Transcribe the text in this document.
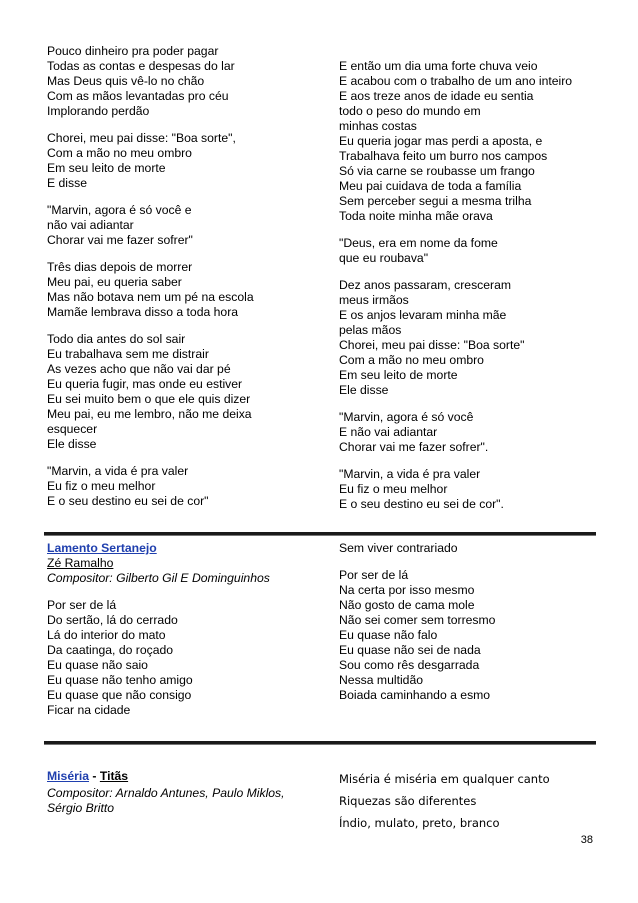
Pouco dinheiro pra poder pagar
Todas as contas e despesas do lar
Mas Deus quis vê-lo no chão
Com as mãos levantadas pro céu
Implorando perdão
Chorei, meu pai disse: "Boa sorte",
Com a mão no meu ombro
Em seu leito de morte
E disse
"Marvin, agora é só você e
não vai adiantar
Chorar vai me fazer sofrer"
Três dias depois de morrer
Meu pai, eu queria saber
Mas não botava nem um pé na escola
Mamãe lembrava disso a toda hora
Todo dia antes do sol sair
Eu trabalhava sem me distrair
As vezes acho que não vai dar pé
Eu queria fugir, mas onde eu estiver
Eu sei muito bem o que ele quis dizer
Meu pai, eu me lembro, não me deixa
esquecer
Ele disse
"Marvin, a vida é pra valer
Eu fiz o meu melhor
E o seu destino eu sei de cor"
E então um dia uma forte chuva veio
E acabou com o trabalho de um ano inteiro
E aos treze anos de idade eu sentia
todo o peso do mundo em
minhas costas
Eu queria jogar mas perdi a aposta, e
Trabalhava feito um burro nos campos
Só via carne se roubasse um frango
Meu pai cuidava de toda a família
Sem perceber segui a mesma trilha
Toda noite minha mãe orava
"Deus, era em nome da fome
que eu roubava"
Dez anos passaram, cresceram
meus irmãos
E os anjos levaram minha mãe
pelas mãos
Chorei, meu pai disse: "Boa sorte"
Com a mão no meu ombro
Em seu leito de morte
Ele disse
"Marvin, agora é só você
E não vai adiantar
Chorar vai me fazer sofrer".
"Marvin, a vida é pra valer
Eu fiz o meu melhor
E o seu destino eu sei de cor".
Lamento Sertanejo
Zé Ramalho
Compositor: Gilberto Gil E Dominguinhos
Por ser de lá
Do sertão, lá do cerrado
Lá do interior do mato
Da caatinga, do roçado
Eu quase não saio
Eu quase não tenho amigo
Eu quase que não consigo
Ficar na cidade
Sem viver contrariado
Por ser de lá
Na certa por isso mesmo
Não gosto de cama mole
Não sei comer sem torresmo
Eu quase não falo
Eu quase não sei de nada
Sou como rês desgarrada
Nessa multidão
Boiada caminhando a esmo
Miséria - Titãs
Compositor: Arnaldo Antunes, Paulo Miklos,
Sérgio Britto
Miséria é miséria em qualquer canto
Riquezas são diferentes
Índio, mulato, preto, branco
38
